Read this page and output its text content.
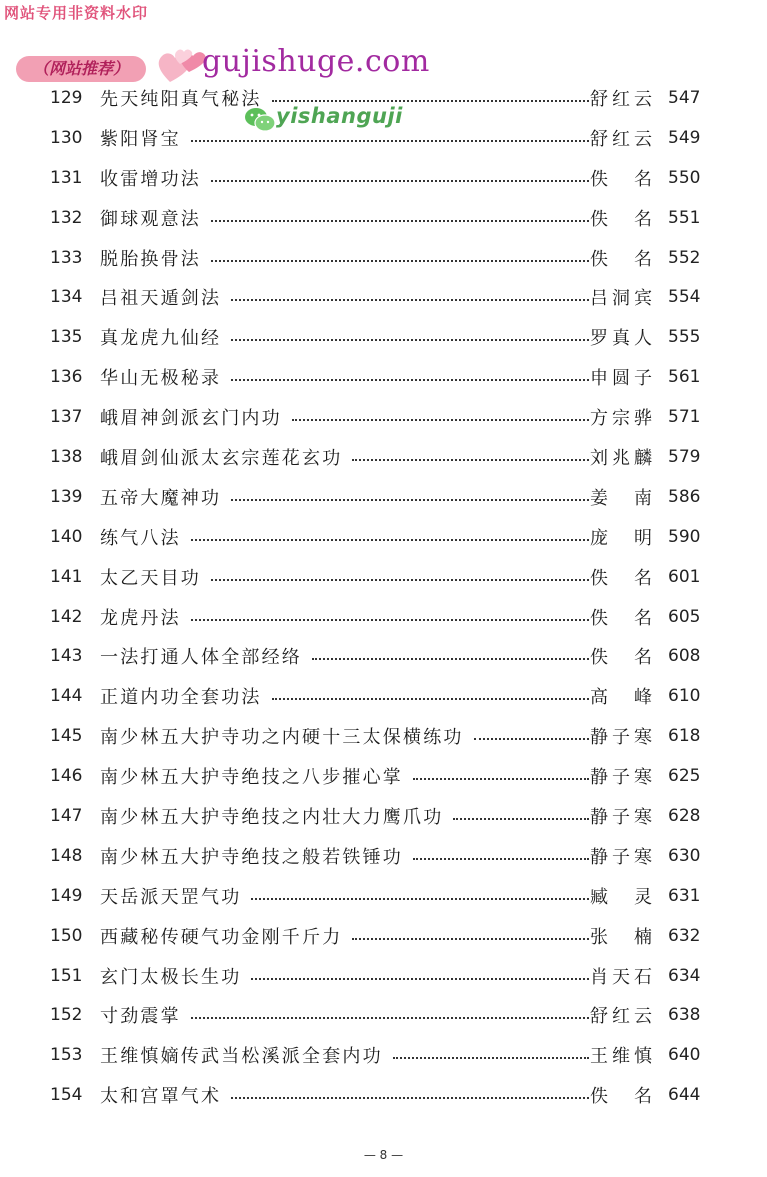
网站专用非资料水印
（网站推荐）	gujishuge.com
yishanguji
129 先天纯阳真气秘法	舒红云 547
130 紫阳肾宝	舒红云 549
131 收雷增功法	佚名 550
132 御球观意法	佚名 551
133 脱胎换骨法	佚名 552
134 吕祖天遁剑法	吕洞宾 554
135 真龙虎九仙经	罗真人 555
136 华山无极秘录	申圆子 561
137 峨眉神剑派玄门内功	方宗骅 571
138 峨眉剑仙派太玄宗莲花玄功	刘兆麟 579
139 五帝大魔神功	姜南 586
140 练气八法	庞明 590
141 太乙天目功	佚名 601
142 龙虎丹法	佚名 605
143 一法打通人体全部经络	佚名 608
144 正道内功全套功法	高峰 610
145 南少林五大护寺功之内硬十三太保横练功	静子寒 618
146 南少林五大护寺绝技之八步摧心掌	静子寒 625
147 南少林五大护寺绝技之内壮大力鹰爪功	静子寒 628
148 南少林五大护寺绝技之般若铁锤功	静子寒 630
149 天岳派天罡气功	臧灵 631
150 西藏秘传硬气功金刚千斤力	张楠 632
151 玄门太极长生功	肖天石 634
152 寸劲震掌	舒红云 638
153 王维慎嫡传武当松溪派全套内功	王维慎 640
154 太和宫罩气术	佚名 644
— 8 —
